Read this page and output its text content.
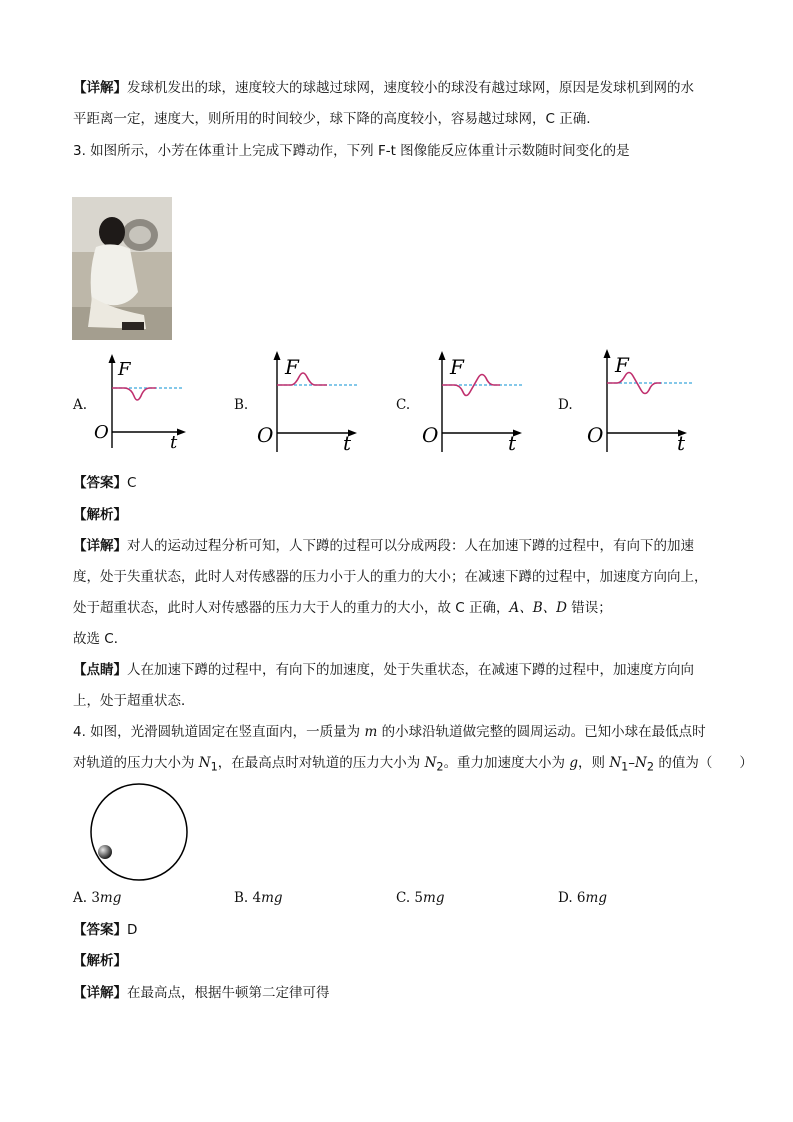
【详解】发球机发出的球，速度较大的球越过球网，速度较小的球没有越过球网，原因是发球机到网的水
平距离一定，速度大，则所用的时间较少，球下降的高度较小，容易越过球网，C 正确.
3. 如图所示，小芳在体重计上完成下蹲动作，下列 F-t 图像能反应体重计示数随时间变化的是
A.
F
t
O
B.
F
t
O
C.
F
t
O
D.
F
t
O
【答案】C
【解析】
【详解】对人的运动过程分析可知，人下蹲的过程可以分成两段：人在加速下蹲的过程中，有向下的加速
度，处于失重状态，此时人对传感器的压力小于人的重力的大小；在减速下蹲的过程中，加速度方向向上，
处于超重状态，此时人对传感器的压力大于人的重力的大小，故 C 正确，A、B、D 错误；
故选 C．
【点睛】人在加速下蹲的过程中，有向下的加速度，处于失重状态，在减速下蹲的过程中，加速度方向向
上，处于超重状态．
4. 如图，光滑圆轨道固定在竖直面内，一质量为 m 的小球沿轨道做完整的圆周运动。已知小球在最低点时
对轨道的压力大小为 $N_1$，在最高点时对轨道的压力大小为 $N_2$。重力加速度大小为 g，则 $N_1-N_2$ 的值为（　　）
A. 3mg	B. 4mg	C. 5mg	D. 6mg
【答案】D
【解析】
【详解】在最高点，根据牛顿第二定律可得
